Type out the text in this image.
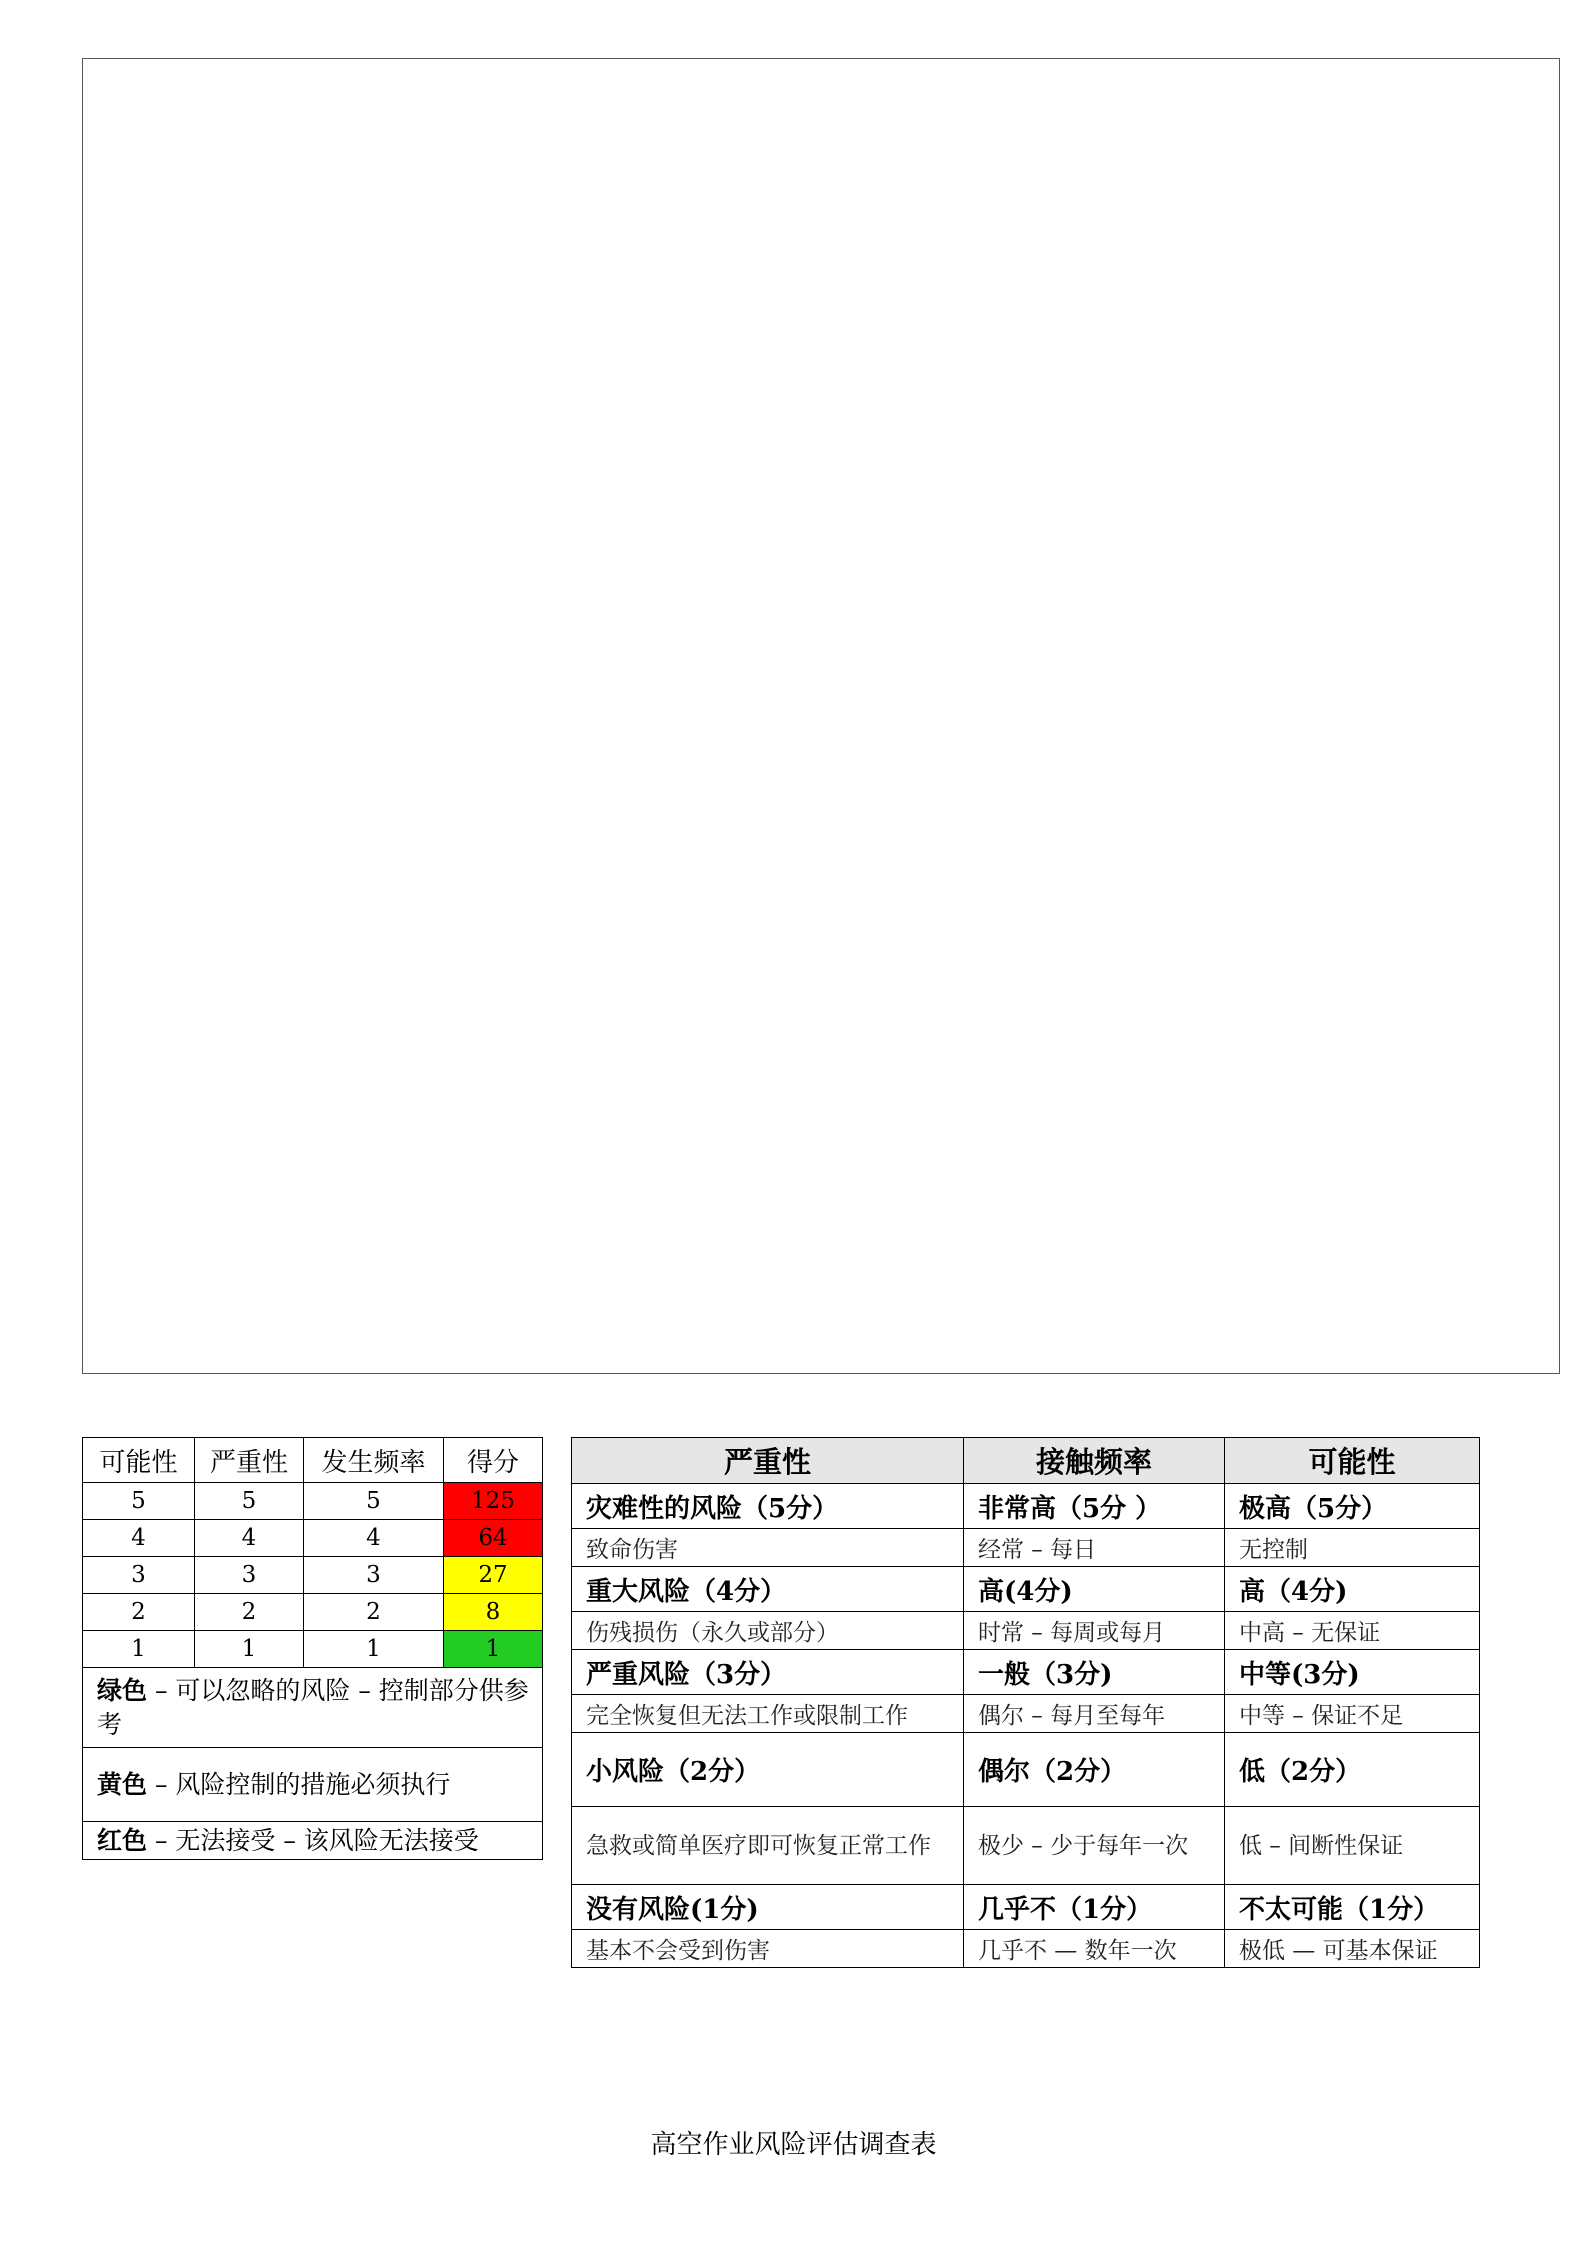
可能性	严重性	发生频率	得分
5	5	5	125
4	4	4	64
3	3	3	27
2	2	2	8
1	1	1	1
绿色 – 可以忽略的风险 – 控制部分供参考			
黄色 – 风险控制的措施必须执行			
红色 – 无法接受 – 该风险无法接受			
严重性	接触频率	可能性
灾难性的风险（5分）	非常高（5分 ）	极高（5分）
致命伤害	经常 – 每日	无控制
重大风险（4分）	高(4分)	高（4分)
伤残损伤（永久或部分）	时常 – 每周或每月	中高 – 无保证
严重风险（3分）	一般（3分)	中等(3分)
完全恢复但无法工作或限制工作	偶尔 – 每月至每年	中等 – 保证不足
小风险（2分）	偶尔（2分）	低（2分）
急救或简单医疗即可恢复正常工作	极少 – 少于每年一次	低 – 间断性保证
没有风险(1分)	几乎不（1分）	不太可能（1分）
基本不会受到伤害	几乎不 — 数年一次	极低 — 可基本保证
高空作业风险评估调查表
